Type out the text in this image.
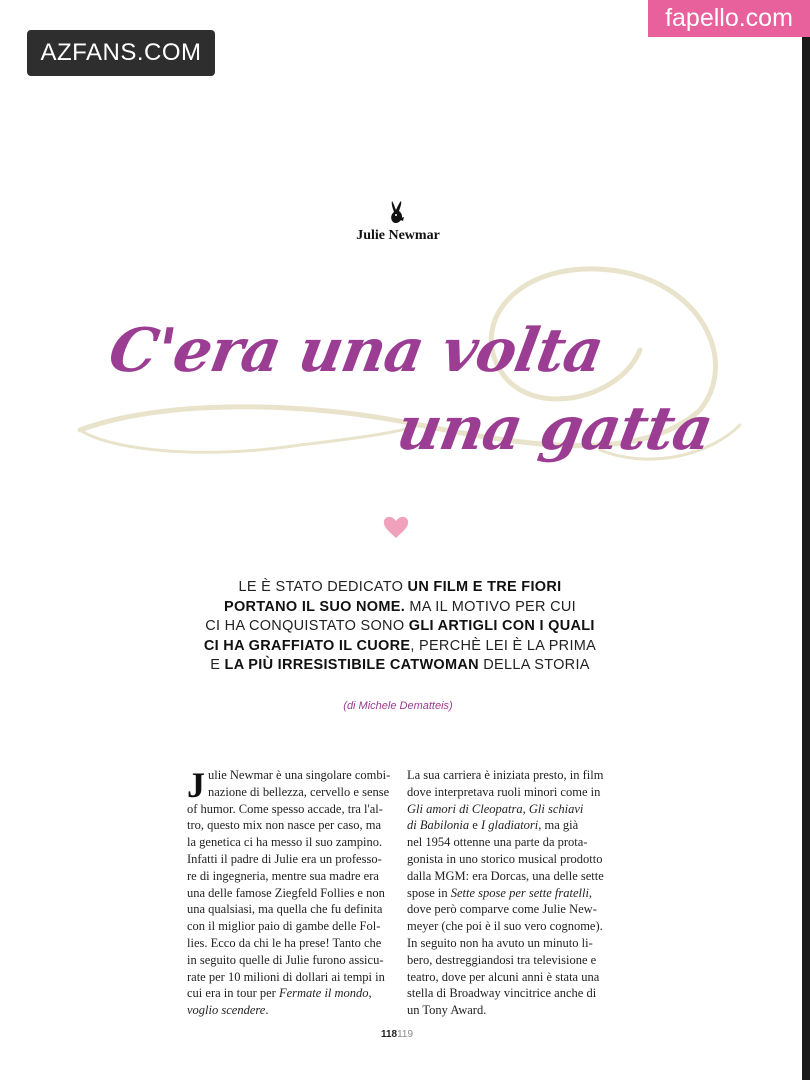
AZFANS.COM
fapello.com
Julie Newmar
C'era una volta
una gatta
LE È STATO DEDICATO UN FILM E TRE FIORI
PORTANO IL SUO NOME. MA IL MOTIVO PER CUI
CI HA CONQUISTATO SONO GLI ARTIGLI CON I QUALI
CI HA GRAFFIATO IL CUORE, PERCHÈ LEI È LA PRIMA
E LA PIÙ IRRESISTIBILE CATWOMAN DELLA STORIA
(di Michele Dematteis)
J ulie Newmar è una singolare combi-
nazione di bellezza, cervello e sense
of humor. Come spesso accade, tra l'al-
tro, questo mix non nasce per caso, ma
la genetica ci ha messo il suo zampino.
Infatti il padre di Julie era un professo-
re di ingegneria, mentre sua madre era
una delle famose Ziegfeld Follies e non
una qualsiasi, ma quella che fu definita
con il miglior paio di gambe delle Fol-
lies. Ecco da chi le ha prese! Tanto che
in seguito quelle di Julie furono assicu-
rate per 10 milioni di dollari ai tempi in
cui era in tour per Fermate il mondo,
voglio scendere.
La sua carriera è iniziata presto, in film
dove interpretava ruoli minori come in
Gli amori di Cleopatra, Gli schiavi
di Babilonia e I gladiatori, ma già
nel 1954 ottenne una parte da prota-
gonista in uno storico musical prodotto
dalla MGM: era Dorcas, una delle sette
spose in Sette spose per sette fratelli,
dove però comparve come Julie New-
meyer (che poi è il suo vero cognome).
In seguito non ha avuto un minuto li-
bero, destreggiandosi tra televisione e
teatro, dove per alcuni anni è stata una
stella di Broadway vincitrice anche di
un Tony Award.
118119
